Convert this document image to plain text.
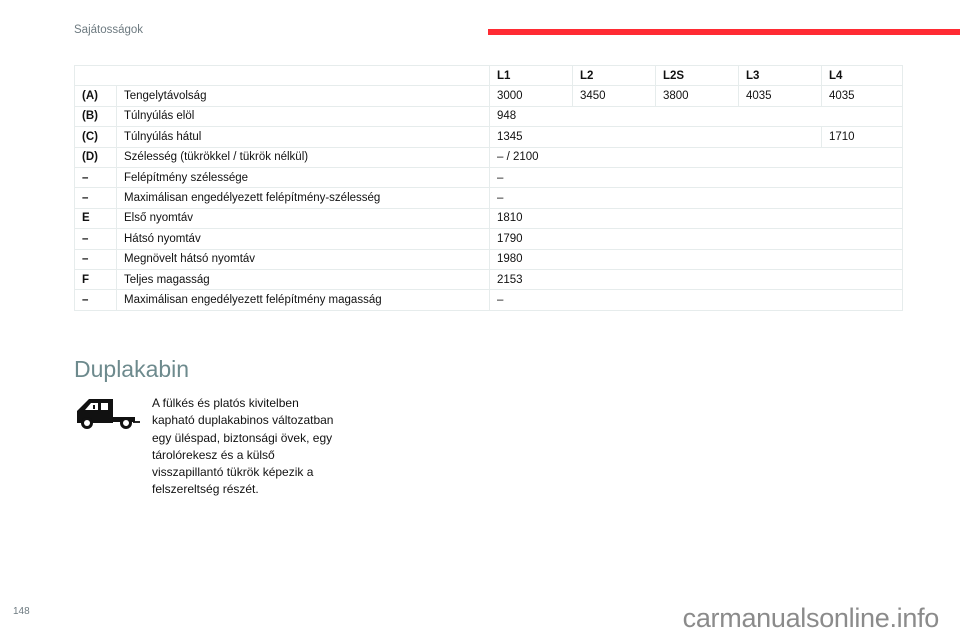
Sajátosságok
		L1	L2	L2S	L3	L4
(A)	Tengelytávolság	3000	3450	3800	4035	4035
(B)	Túlnyúlás elöl	948				
(C)	Túlnyúlás hátul	1345				1710
(D)	Szélesség (tükrökkel / tükrök nélkül)	– / 2100				
–	Felépítmény szélessége	–				
–	Maximálisan engedélyezett felépítmény-szélesség	–				
E	Első nyomtáv	1810				
–	Hátsó nyomtáv	1790				
–	Megnövelt hátsó nyomtáv	1980				
F	Teljes magasság	2153				
–	Maximálisan engedélyezett felépítmény magasság	–				
Duplakabin
A fülkés és platós kivitelben kapható duplakabinos változatban egy üléspad, biztonsági övek, egy tárolórekesz és a külső visszapillantó tükrök képezik a felszereltség részét.
148	carmanualsonline.info
